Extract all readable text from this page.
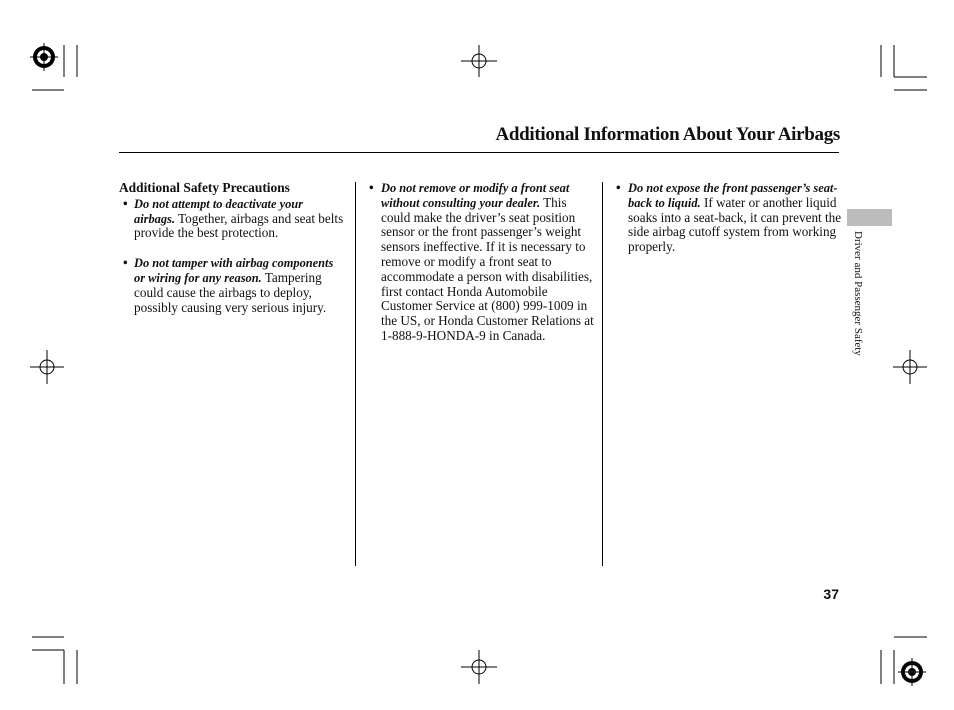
Additional Information About Your Airbags

Additional Safety Precautions

• Do not attempt to deactivate your airbags. Together, airbags and seat belts provide the best protection.

• Do not tamper with airbag components or wiring for any reason. Tampering could cause the airbags to deploy, possibly causing very serious injury.

• Do not remove or modify a front seat without consulting your dealer. This could make the driver’s seat position sensor or the front passenger’s weight sensors ineffective. If it is necessary to remove or modify a front seat to accommodate a person with disabilities, first contact Honda Automobile Customer Service at (800) 999-1009 in the US, or Honda Customer Relations at 1-888-9-HONDA-9 in Canada.

• Do not expose the front passenger’s seat-back to liquid. If water or another liquid soaks into a seat-back, it can prevent the side airbag cutoff system from working properly.	Driver and Passenger Safety
37
